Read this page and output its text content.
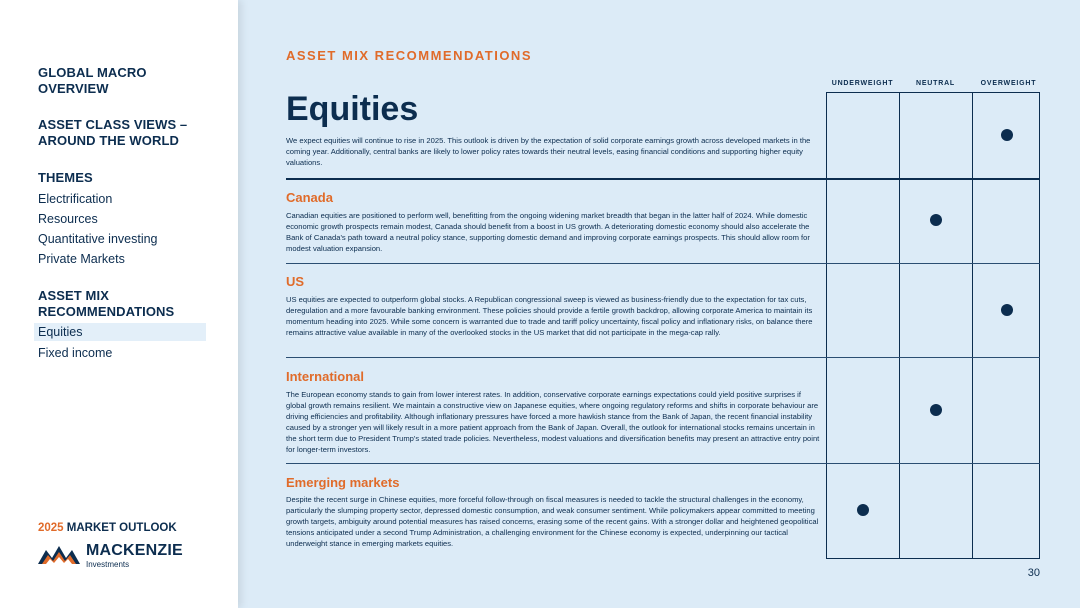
GLOBAL MACRO
OVERVIEW
ASSET CLASS VIEWS –
AROUND THE WORLD
THEMES
Electrification
Resources
Quantitative investing
Private Markets
ASSET MIX
RECOMMENDATIONS
Equities
Fixed income
2025 MARKET OUTLOOK
MACKENZIE
Investments
ASSET MIX RECOMMENDATIONS
UNDERWEIGHT	NEUTRAL	OVERWEIGHT
Equities
We expect equities will continue to rise in 2025. This outlook is driven by the expectation of solid corporate earnings growth across developed markets in the coming year. Additionally, central banks are likely to lower policy rates towards their neutral levels, easing financial conditions and supporting higher equity valuations.
Canada
Canadian equities are positioned to perform well, benefitting from the ongoing widening market breadth that began in the latter half of 2024. While domestic economic growth prospects remain modest, Canada should benefit from a boost in US growth. A deteriorating domestic economy should also accelerate the Bank of Canada's path toward a neutral policy stance, supporting domestic demand and improving corporate earnings prospects. This should allow room for modest valuation expansion.
US
US equities are expected to outperform global stocks. A Republican congressional sweep is viewed as business-friendly due to the expectation for tax cuts, deregulation and a more favourable banking environment. These policies should provide a fertile growth backdrop, allowing corporate America to maintain its momentum heading into 2025. While some concern is warranted due to trade and tariff policy uncertainty, fiscal policy and inflationary risks, on balance there remains attractive value available in many of the overlooked stocks in the US market that did not participate in the mega-cap rally.
International
The European economy stands to gain from lower interest rates. In addition, conservative corporate earnings expectations could yield positive surprises if global growth remains resilient. We maintain a constructive view on Japanese equities, where ongoing regulatory reforms and shifts in corporate behaviour are driving efficiencies and profitability. Although inflationary pressures have forced a more hawkish stance from the Bank of Japan, the recent financial instability caused by a stronger yen will likely result in a more patient approach from the Bank of Japan. Overall, the outlook for international stocks remains uncertain in the short term due to President Trump's stated trade policies. Nevertheless, modest valuations and diversification benefits may present an attractive entry point for longer-term investors.
Emerging markets
Despite the recent surge in Chinese equities, more forceful follow-through on fiscal measures is needed to tackle the structural challenges in the economy, particularly the slumping property sector, depressed domestic consumption, and weak consumer sentiment. While policymakers appear committed to meeting growth targets, ambiguity around potential measures has raised concerns, erasing some of the recent gains. With a stronger dollar and heightened geopolitical tensions anticipated under a second Trump Administration, a challenging environment for the Chinese economy is expected, underpinning our tactical underweight stance in emerging markets equities.
30
